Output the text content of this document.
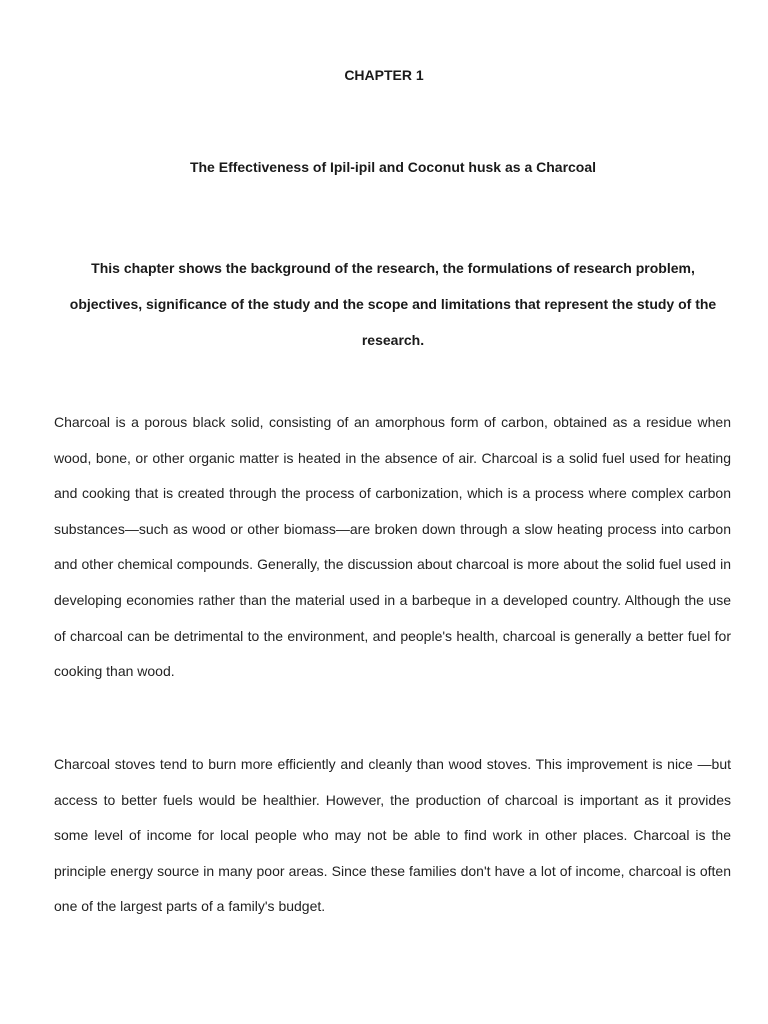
CHAPTER 1
The Effectiveness of Ipil-ipil and Coconut husk as a Charcoal

This chapter shows the background of the research, the formulations of research problem, objectives, significance of the study and the scope and limitations that represent the study of the research.

Charcoal is a porous black solid, consisting of an amorphous form of carbon, obtained as a residue when wood, bone, or other organic matter is heated in the absence of air. Charcoal is a solid fuel used for heating and cooking that is created through the process of carbonization, which is a process where complex carbon substances—such as wood or other biomass—are broken down through a slow heating process into carbon and other chemical compounds. Generally, the discussion about charcoal is more about the solid fuel used in developing economies rather than the material used in a barbeque in a developed country. Although the use of charcoal can be detrimental to the environment, and people's health, charcoal is generally a better fuel for cooking than wood.

Charcoal stoves tend to burn more efficiently and cleanly than wood stoves. This improvement is nice —but access to better fuels would be healthier. However, the production of charcoal is important as it provides some level of income for local people who may not be able to find work in other places. Charcoal is the principle energy source in many poor areas. Since these families don't have a lot of income, charcoal is often one of the largest parts of a family's budget.
